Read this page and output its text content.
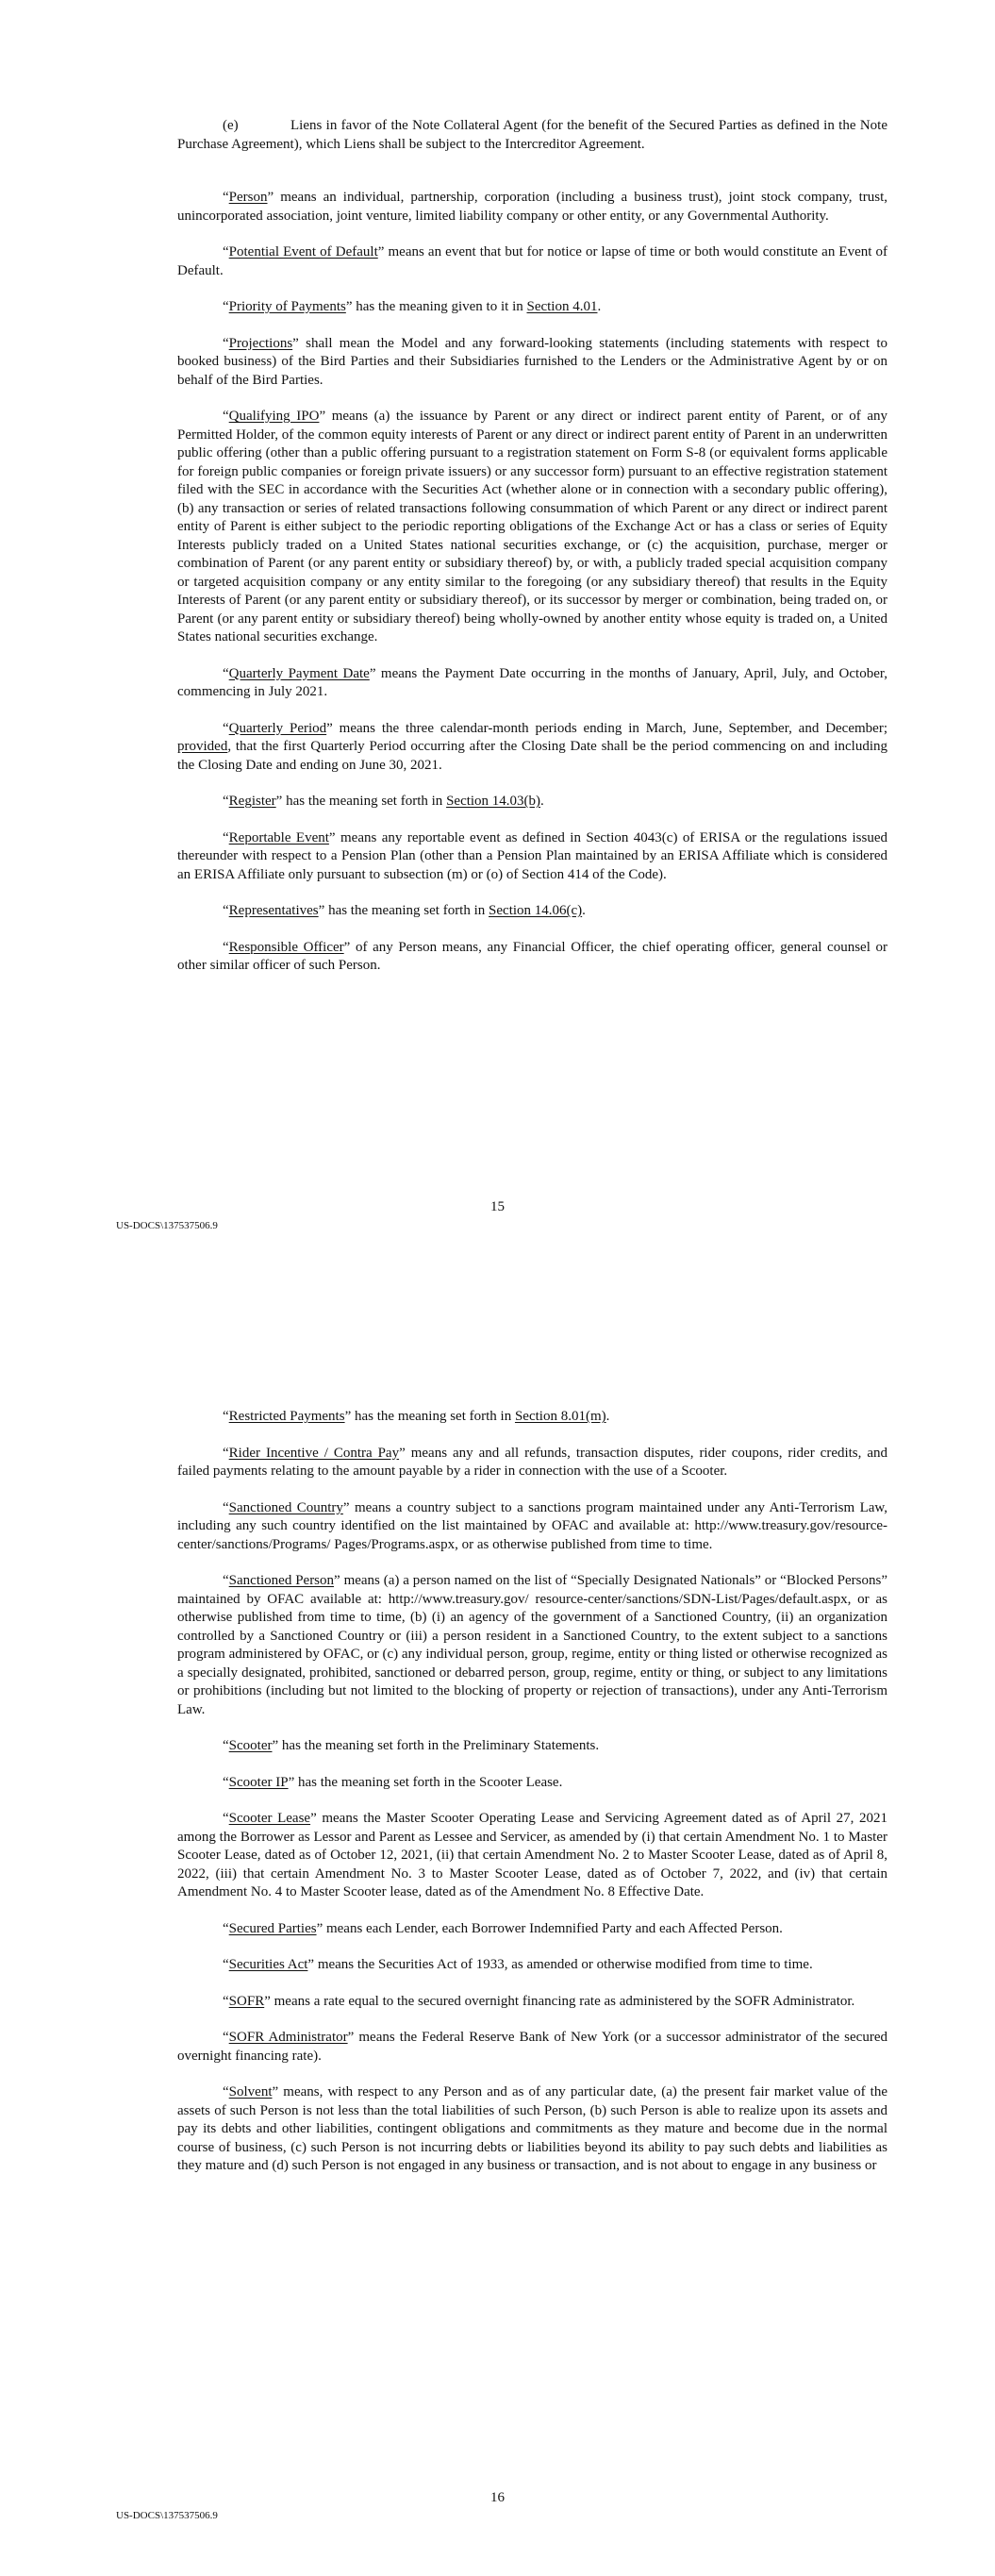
(e)	Liens in favor of the Note Collateral Agent (for the benefit of the Secured Parties as defined in the Note Purchase Agreement), which Liens shall be subject to the Intercreditor Agreement.

“Person” means an individual, partnership, corporation (including a business trust), joint stock company, trust, unincorporated association, joint venture, limited liability company or other entity, or any Governmental Authority.

“Potential Event of Default” means an event that but for notice or lapse of time or both would constitute an Event of Default.

“Priority of Payments” has the meaning given to it in Section 4.01.

“Projections” shall mean the Model and any forward-looking statements (including statements with respect to booked business) of the Bird Parties and their Subsidiaries furnished to the Lenders or the Administrative Agent by or on behalf of the Bird Parties.

“Qualifying IPO” means (a) the issuance by Parent or any direct or indirect parent entity of Parent, or of any Permitted Holder, of the common equity interests of Parent or any direct or indirect parent entity of Parent in an underwritten public offering (other than a public offering pursuant to a registration statement on Form S-8 (or equivalent forms applicable for foreign public companies or foreign private issuers) or any successor form) pursuant to an effective registration statement filed with the SEC in accordance with the Securities Act (whether alone or in connection with a secondary public offering), (b) any transaction or series of related transactions following consummation of which Parent or any direct or indirect parent entity of Parent is either subject to the periodic reporting obligations of the Exchange Act or has a class or series of Equity Interests publicly traded on a United States national securities exchange, or (c) the acquisition, purchase, merger or combination of Parent (or any parent entity or subsidiary thereof) by, or with, a publicly traded special acquisition company or targeted acquisition company or any entity similar to the foregoing (or any subsidiary thereof) that results in the Equity Interests of Parent (or any parent entity or subsidiary thereof), or its successor by merger or combination, being traded on, or Parent (or any parent entity or subsidiary thereof) being wholly-owned by another entity whose equity is traded on, a United States national securities exchange.

“Quarterly Payment Date” means the Payment Date occurring in the months of January, April, July, and October, commencing in July 2021.

“Quarterly Period” means the three calendar-month periods ending in March, June, September, and December; provided, that the first Quarterly Period occurring after the Closing Date shall be the period commencing on and including the Closing Date and ending on June 30, 2021.

“Register” has the meaning set forth in Section 14.03(b).

“Reportable Event” means any reportable event as defined in Section 4043(c) of ERISA or the regulations issued thereunder with respect to a Pension Plan (other than a Pension Plan maintained by an ERISA Affiliate which is considered an ERISA Affiliate only pursuant to subsection (m) or (o) of Section 414 of the Code).

“Representatives” has the meaning set forth in Section 14.06(c).

“Responsible Officer” of any Person means, any Financial Officer, the chief operating officer, general counsel or other similar officer of such Person.

15
US-DOCS\137537506.9

“Restricted Payments” has the meaning set forth in Section 8.01(m).

“Rider Incentive / Contra Pay” means any and all refunds, transaction disputes, rider coupons, rider credits, and failed payments relating to the amount payable by a rider in connection with the use of a Scooter.

“Sanctioned Country” means a country subject to a sanctions program maintained under any Anti-Terrorism Law, including any such country identified on the list maintained by OFAC and available at: http://www.treasury.gov/resource-center/sanctions/Programs/ Pages/Programs.aspx, or as otherwise published from time to time.

“Sanctioned Person” means (a) a person named on the list of “Specially Designated Nationals” or “Blocked Persons” maintained by OFAC available at: http://www.treasury.gov/ resource-center/sanctions/SDN-List/Pages/default.aspx, or as otherwise published from time to time, (b) (i) an agency of the government of a Sanctioned Country, (ii) an organization controlled by a Sanctioned Country or (iii) a person resident in a Sanctioned Country, to the extent subject to a sanctions program administered by OFAC, or (c) any individual person, group, regime, entity or thing listed or otherwise recognized as a specially designated, prohibited, sanctioned or debarred person, group, regime, entity or thing, or subject to any limitations or prohibitions (including but not limited to the blocking of property or rejection of transactions), under any Anti-Terrorism Law.

“Scooter” has the meaning set forth in the Preliminary Statements.

“Scooter IP” has the meaning set forth in the Scooter Lease.

“Scooter Lease” means the Master Scooter Operating Lease and Servicing Agreement dated as of April 27, 2021 among the Borrower as Lessor and Parent as Lessee and Servicer, as amended by (i) that certain Amendment No. 1 to Master Scooter Lease, dated as of October 12, 2021, (ii) that certain Amendment No. 2 to Master Scooter Lease, dated as of April 8, 2022, (iii) that certain Amendment No. 3 to Master Scooter Lease, dated as of October 7, 2022, and (iv) that certain Amendment No. 4 to Master Scooter lease, dated as of the Amendment No. 8 Effective Date.

“Secured Parties” means each Lender, each Borrower Indemnified Party and each Affected Person.

“Securities Act” means the Securities Act of 1933, as amended or otherwise modified from time to time.

“SOFR” means a rate equal to the secured overnight financing rate as administered by the SOFR Administrator.

“SOFR Administrator” means the Federal Reserve Bank of New York (or a successor administrator of the secured overnight financing rate).

“Solvent” means, with respect to any Person and as of any particular date, (a) the present fair market value of the assets of such Person is not less than the total liabilities of such Person, (b) such Person is able to realize upon its assets and pay its debts and other liabilities, contingent obligations and commitments as they mature and become due in the normal course of business, (c) such Person is not incurring debts or liabilities beyond its ability to pay such debts and liabilities as they mature and (d) such Person is not engaged in any business or transaction, and is not about to engage in any business or

16
US-DOCS\137537506.9
